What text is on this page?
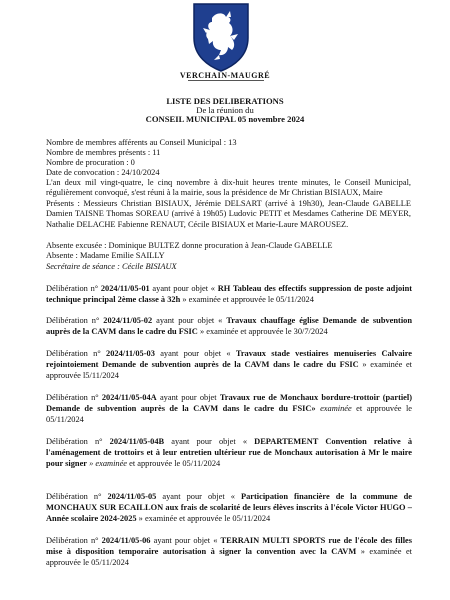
VERCHAIN-MAUGRÉ
LISTE DES DELIBERATIONS
De la réunion du
CONSEIL MUNICIPAL 05 novembre 2024
Nombre de membres afférents au Conseil Municipal : 13
Nombre de membres présents : 11
Nombre de procuration : 0
Date de convocation : 24/10/2024
L'an deux mil vingt-quatre, le cinq novembre à dix-huit heures trente minutes, le Conseil Municipal, régulièrement convoqué, s'est réuni à la mairie, sous la présidence de Mr Christian BISIAUX, Maire
Présents : Messieurs Christian BISIAUX, Jérémie DELSART (arrivé à 19h30), Jean-Claude GABELLE Damien TAISNE Thomas SOREAU (arrivé à 19h05) Ludovic PETIT et Mesdames Catherine DE MEYER, Nathalie DELACHE Fabienne RENAUT, Cécile BISIAUX et Marie-Laure MAROUSEZ.
Absente excusée : Dominique BULTEZ donne procuration à Jean-Claude GABELLE
Absente : Madame Emilie SAILLY
Secrétaire de séance : Cécile BISIAUX
Délibération n° 2024/11/05-01 ayant pour objet « RH Tableau des effectifs suppression de poste adjoint technique principal 2ème classe à 32h » examinée et approuvée le 05/11/2024
Délibération n° 2024/11/05-02 ayant pour objet « Travaux chauffage église Demande de subvention auprès de la CAVM dans le cadre du FSIC » examinée et approuvée le 30/7/2024
Délibération n° 2024/11/05-03 ayant pour objet « Travaux stade vestiaires menuiseries Calvaire rejointoiement Demande de subvention auprès de la CAVM dans le cadre du FSIC » examinée et approuvée l5/11/2024
Délibération n° 2024/11/05-04A ayant pour objet Travaux rue de Monchaux bordure-trottoir (partiel) Demande de subvention auprès de la CAVM dans le cadre du FSIC» examinée et approuvée le 05/11/2024
Délibération n° 2024/11/05-04B ayant pour objet « DEPARTEMENT Convention relative à l'aménagement de trottoirs et à leur entretien ultérieur rue de Monchaux autorisation à Mr le maire pour signer » examinée et approuvée le 05/11/2024
Délibération n° 2024/11/05-05 ayant pour objet « Participation financière de la commune de MONCHAUX SUR ECAILLON aux frais de scolarité de leurs élèves inscrits à l'école Victor HUGO – Année scolaire 2024-2025 » examinée et approuvée le 05/11/2024
Délibération n° 2024/11/05-06 ayant pour objet « TERRAIN MULTI SPORTS rue de l'école des filles mise à disposition temporaire autorisation à signer la convention avec la CAVM » examinée et approuvée le 05/11/2024
